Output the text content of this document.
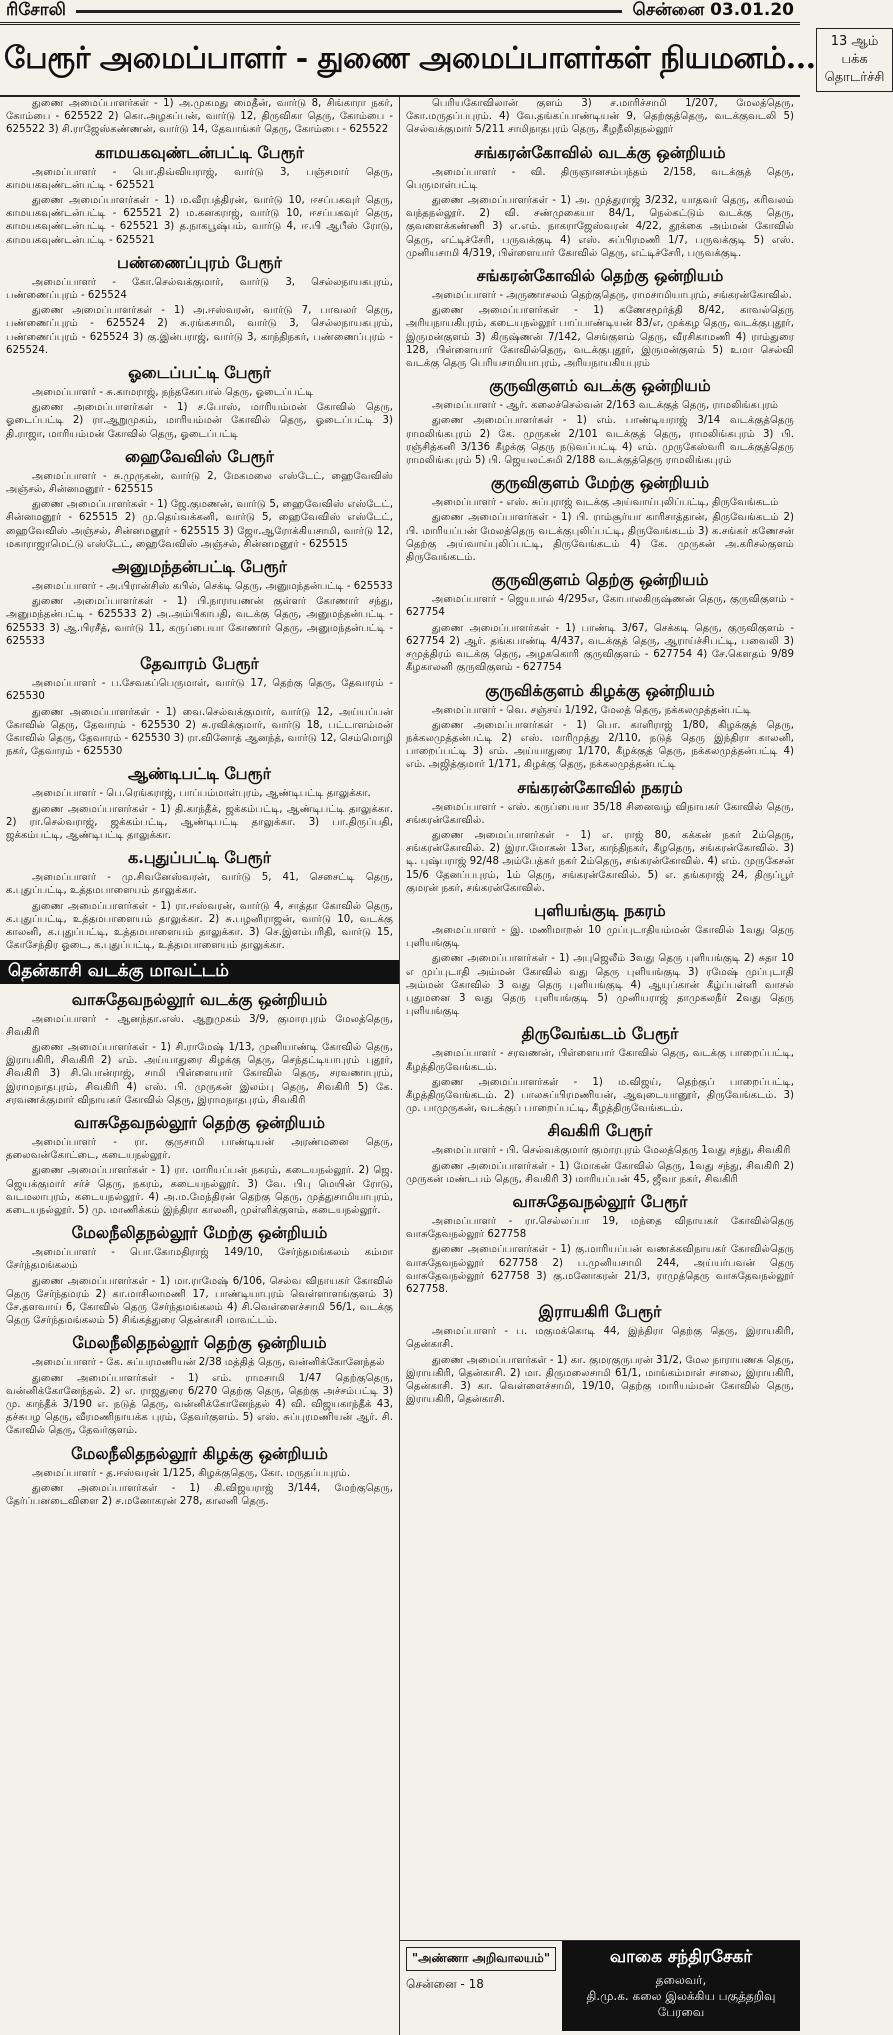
ரிசோலி	சென்னை 03.01.20
பேரூர் அமைப்பாளர் - துணை அமைப்பாளர்கள் நியமனம்...	13 ஆம் பக்க
தொடர்ச்சி

துணை அமைப்பாளர்கள் - 1) அ.முகமது மைதீன், வார்டு 8, சிங்காரா நகர், கோம்பை - 625522 2) கொ.அழகப்பன், வார்டு 12, திருவிகா தெரு, கோம்பை - 625522 3) சி.ராஜேஸ்கண்ணன், வார்டு 14, தேவாங்கர் தெரு, கோம்பை - 625522

காமயகவுண்டன்பட்டி பேரூர்

அமைப்பாளர் - பொ.திவ்வியராஜ், வார்டு 3, பஞ்சமார் தெரு, காமயகவுண்டன்பட்டி - 625521

துணை அமைப்பாளர்கள் - 1) ம.வீரபத்திரன், வார்டு 10, ஈசப்பகவுர் தெரு, காமயகவுண்டன்பட்டி - 625521 2) ம.கனகராஜ், வார்டு 10, ஈசப்பகவுர் தெரு, காமயகவுண்டன்பட்டி - 625521 3) த.நாகபூஷ்பம், வார்டு 4, ஈ.பி ஆபீஸ் ரோடு, காமயகவுண்டன்பட்டி - 625521

பண்ணைப்புரம் பேரூர்

அமைப்பாளர் - கோ.செல்வக்குமார், வார்டு 3, செல்லநாயகபுரம், பண்ணைப்புரம் - 625524

துணை அமைப்பாளர்கள் - 1) அ.ஈஸ்வரன், வார்டு 7, பாவலர் தெரு, பண்ணைப்புரம் - 625524 2) சு.ரங்கசாமி, வார்டு 3, செல்லநாயகபுரம், பண்ணைப்புரம் - 625524 3) கு.இன்பராஜ், வார்டு 3, காந்திநகர், பண்ணைப்புரம் - 625524.

ஓடைப்பட்டி பேரூர்

அமைப்பாளர் - சு.காமராஜ், நந்தகோபால் தெரு, ஓடைப்பட்டி

துணை அமைப்பாளர்கள் - 1) ச.போஸ், மாரியம்மன் கோவில் தெரு, ஓடைப்பட்டி 2) ரா.ஆறுமுகம், மாரியம்மன் கோவில் தெரு, ஓடைப்பட்டி 3) தி.ராஜா, மாரியம்மன் கோவில் தெரு, ஓடைப்பட்டி

ஹைவேவிஸ் பேரூர்

அமைப்பாளர் - சு.முருகன், வார்டு 2, மேகமலை எஸ்டேட், ஹைவேவிஸ் அஞ்சல், சின்னமனூர் - 625515

துணை அமைப்பாளர்கள் - 1) ஜே.குமணன், வார்டு 5, ஹைவேவிஸ் எஸ்டேட், சின்னமனூர் - 625515 2) மு.தெய்வக்கனி, வார்டு 5, ஹைவேவிஸ் எஸ்டேட், ஹைவேவிஸ் அஞ்சல், சின்னமனூர் - 625515 3) ஜோ.ஆரோக்கியசாமி, வார்டு 12, மகாராஜாமெட்டு எஸ்டேட், ஹைவேவிஸ் அஞ்சல், சின்னமனூர் - 625515

அனுமந்தன்பட்டி பேரூர்

அமைப்பாளர் - அ.பிரான்சிஸ் கபில், செக்டி தெரு, அனுமந்தன்பட்டி - 625533

துணை அமைப்பாளர்கள் - 1) பி.நாராயணன் குள்ளர் கோணார் சந்து, அனுமந்தன்பட்டி - 625533 2) அ.அம்பிகாபதி, வடக்கு தெரு, அனுமந்தன்பட்டி - 625533 3) ஆ.பிரசீத், வார்டு 11, கருப்பையா கோணார் தெரு, அனுமந்தன்பட்டி - 625533

தேவாரம் பேரூர்

அமைப்பாளர் - ப.சேவகப்பெருமாள், வார்டு 17, தெற்கு தெரு, தேவாரம் - 625530

துணை அமைப்பாளர்கள் - 1) வை.செல்வக்குமார், வார்டு 12, அய்யப்பன் கோவில் தெரு, தேவாரம் - 625530 2) சு.ரவிக்குமார், வார்டு 18, பட்டாளம்மன் கோவில் தெரு, தேவாரம் - 625530 3) ரா.வினோத் ஆனந்த், வார்டு 12, செம்மொழி நகர், தேவாரம் - 625530

ஆண்டிபட்டி பேரூர்

அமைப்பாளர் - பெ.ரெங்கராஜ், பாப்பம்மாள்புரம், ஆண்டிபட்டி தாலுக்கா.

துணை அமைப்பாளர்கள் - 1) தி.காந்தீக், ஜக்கம்பட்டி, ஆண்டிபட்டி தாலுக்கா. 2) ரா.செல்வராஜ், ஜக்கம்பட்டி, ஆண்டிபட்டி தாலுக்கா. 3) பா.திருப்பதி, ஜக்கம்பட்டி, ஆண்டிபட்டி தாலுக்கா.

க.புதுப்பட்டி பேரூர்

அமைப்பாளர் - மு.சிவனேஸ்வரன், வார்டு 5, 41, செசைட்டி தெரு, க.புதுப்பட்டி, உத்தமபாளையம் தாலுக்கா.

துணை அமைப்பாளர்கள் - 1) ரா.ஈஸ்வரன், வார்டு 4, சாத்தா கோவில் தெரு, க.புதுப்பட்டி, உத்தமபாளையம் தாலுக்கா. 2) சு.பழனிராஜன், வார்டு 10, வடக்கு காலனி, க.புதுப்பட்டி, உத்தமபாளையம் தாலுக்கா. 3) செ.இளம்பரிதி, வார்டு 15, கோசேந்திர ஓடை, க.புதுப்பட்டி, உத்தமபாளையம் தாலுக்கா.

தென்காசி வடக்கு மாவட்டம்
வாசுதேவநல்லூர் வடக்கு ஒன்றியம்

அமைப்பாளர் - ஆனந்தா.எஸ். ஆறுமுகம் 3/9, குமாரபுரம் மேலத்தெரு, சிவகிரி

துணை அமைப்பாளர்கள் - 1) சி.ராமேஷ் 1/13, முனியாண்டி கோவில் தெரு, இராயகிரி, சிவகிரி 2) எம். அய்யாதுரை கிழக்கு தெரு, செந்தட்டியாபுரம் புதூர், சிவகிரி 3) சி.பொன்ராஜ், சாமி பிள்ளையார் கோவில் தெரு, சரவணாபுரம், இராமநாதபுரம், சிவகிரி 4) எஸ். பி. முருகன் இலம்பு தெரு, சிவகிரி 5) கே. சரவணக்குமார் விநாயகர் கோவில் தெரு, இராமநாதபுரம், சிவகிரி

வாசுதேவநல்லூர் தெற்கு ஒன்றியம்

அமைப்பாளர் - ரா. குருசாமி பாண்டியன் அரண்மனை தெரு, தலைவன்கோட்டை, கடையநல்லூர்.

துணை அமைப்பாளர்கள் - 1) ரா. மாரியப்பன் நகரம், கடையநல்லூர். 2) ஜெ. ஜெயக்குமார் சர்ச் தெரு, நகரம், கடையநல்லூர். 3) வே. பிபு மெயின் ரோடு, வடமலாபுரம், கடையநல்லூர். 4) அ.ம.மேந்திரன் தெற்கு தெரு, முத்துசாமியாபுரம், கடையநல்லூர். 5) மு. மாணிக்கம் இந்திரா காலனி, முள்ளிக்குளம், கடையநல்லூர்.

மேலநீலிதநல்லூர் மேற்கு ஒன்றியம்

அமைப்பாளர் - பொ.கோமதிராஜ் 149/10, சேர்ந்தமங்கலம் கம்மா சேர்ந்தமங்கலம்

துணை அமைப்பாளர்கள் - 1) மா.ராமேஷ் 6/106, செல்வ விநாயகர் கோவில் தெரு சேர்ந்தமரம் 2) கா.மாசிலாமணி 17, பாண்டியாபுரம் வெள்ளாளங்குளம் 3) சே.தளவாய் 6, கோவில் தெரு சேர்ந்தமங்கலம் 4) சி.வெள்ளைச்சாமி 56/1, வடக்கு தெரு சேர்ந்தமங்கலம் 5) சிங்கத்துரை தென்காசி மாவட்டம்.

மேலநீலிதநல்லூர் தெற்கு ஒன்றியம்

அமைப்பாளர் - கே. சுப்பரமணியன் 2/38 மத்தித் தெரு, வன்னிக்கோனேந்தல்

துணை அமைப்பாளர்கள் - 1) எம். ராமசாமி 1/47 தெற்குதெரு, வன்னிக்கோனேந்தல். 2) எ. ராஜதுரை 6/270 தெற்கு தெரு, தெற்கு அச்சம்பட்டி 3) மு. காந்தீக் 3/190 எ. நடுத் தெரு, வன்னிக்கோனேந்தல் 4) வி. விஜயகாந்தீக் 43, தச்சுபழ தெரு, வீரமணிநாயக்க புரம், தேவர்குளம். 5) எஸ். சுப்புரமணியன் ஆர். சி. கோவில் தெரு, தேவர்குளம்.

மேலநீலிதநல்லூர் கிழக்கு ஒன்றியம்

அமைப்பாளர் - த.ஈஸ்வரன் 1/125, கிழக்குதெரு, கோ. மருதப்பபுரம்.

துணை அமைப்பாளர்கள் - 1) கி.விஜயராஜ் 3/144, மேற்குதெரு, தேர்ப்பனடைவிளை 2) ச.மனோகரன் 278, காலனி தெரு.

பெரியகோவிலான் குளம் 3) ச.மாரிச்சாமி 1/207, மேலத்தெரு, கோ.மருதப்பபுரம். 4) வே.தங்கப்பாண்டியன் 9, தெற்குத்தெரு, வடக்குவடலி 5) செல்வக்குமார் 5/211 சாமிநாதபுரம் தெரு, கீழநீலிதநல்லூர்

சங்கரன்கோவில் வடக்கு ஒன்றியம்

அமைப்பாளர் - வி. திருஞானசம்பந்தம் 2/158, வடக்குத் தெரு, பெருமாள்பட்டி

துணை அமைப்பாளர்கள் - 1) அ. முத்துராஜ் 3/232, யாதவர் தெரு, கரிவலம் வந்தநல்லூர். 2) வி. சண்முகையா 84/1, நெல்கட்டும் வடக்கு தெரு, குவளைக்கண்ணி 3) எ.எம். நாகராஜேஸ்வரன் 4/22, தூக்கை அம்மன் கோவில் தெரு, எட்டிச்சேரி, பருவக்குடி 4) எஸ். சுப்பிரமணி 1/7, பருவக்குடி 5) எஸ். முனியசாமி 4/319, பிள்ளையார் கோவில் தெரு, எட்டிச்சேரி, பருவக்குடி.

சங்கரன்கோவில் தெற்கு ஒன்றியம்

அமைப்பாளர் - அருணாசலம் தெற்குதெரு, ராமசாமியாபுரம், சங்கரன்கோவில்.

துணை அமைப்பாளர்கள் - 1) கணேசமூர்த்தி 8/42, காவல்தெரு அரியநாயகிபுரம், கடையநல்லூர் பாப்பாண்டியன் 83/எ, முக்கழ தெரு, வடக்குபுதூர், இருமன்குளம் 3) கிருஷ்ணன் 7/142, செங்குளம் தெரு, வீரசிகாமணி 4) ராம்துரை 128, பிள்ளையார் கோவில்தெரு, வடக்குபுதூர், இருமன்குளம் 5) உமா செல்வி வடக்கு தெரு பெரியசாமியாபுரம், அரியநாயகியபுரம்

குருவிகுளம் வடக்கு ஒன்றியம்

அமைப்பாளர் - ஆர். கலைச்செல்வன் 2/163 வடக்குத் தெரு, ராமலிங்கபுரம்

துணை அமைப்பாளர்கள் - 1) எம். பாண்டியராஜ் 3/14 வடக்குத்தெரு ராமலிங்கபுரம் 2) கே. முருகன் 2/101 வடக்குத் தெரு, ராமலிங்கபுரம் 3) பி. ரஞ்சித்கனி 3/136 கீழக்கு தெரு நடுவப்பட்டி 4) எம். முருகேஸ்வரி வடக்குத்தெரு ராமலிங்கபுரம் 5) பி. ஜெயலட்சுமி 2/188 வடக்குத்தெரு ராமலிங்கபுரம்

குருவிகுளம் மேற்கு ஒன்றியம்

அமைப்பாளர் - எஸ். சுப்புராஜ் வடக்கு அய்வாய்புலிப்பட்டி, திருவேங்கடம்

துணை அமைப்பாளர்கள் - 1) பி. ராம்சூர்யா காரிசாத்தான், திருவேங்கடம் 2) பி. மாரியப்பன் மேலத்தெரு வடக்குபுலிப்பட்டி, திருவேங்கடம் 3) க.சங்கர் கணேசன் தெற்கு அய்வாய்புலிப்பட்டி, திருவேங்கடம் 4) கே. முருகன் அ.கரிசல்குளம் திருவேங்கடம்.

குருவிகுளம் தெற்கு ஒன்றியம்

அமைப்பாளர் - ஜெயபால் 4/295எ, கோபாலகிருஷ்ணன் தெரு, குருவிகுளம் - 627754

துணை அமைப்பாளர்கள் - 1) பாண்டி 3/67, செக்கடி தெரு, குருவிகுளம் - 627754 2) ஆர். தங்கபாண்டி 4/437, வடக்குத் தெரு, ஆராய்ச்சிபட்டி, பவைலி 3) சமுத்திரம் வடக்கு தெரு, அழககொரி குருவிகுளம் - 627754 4) சே.கௌதம் 9/89 கீழகாலனி குருவிகுளம் - 627754

குருவிக்குளம் கிழக்கு ஒன்றியம்

அமைப்பாளர் - வெ. சஞ்சய் 1/192, மேலத் தெரு, நக்கலமுத்தன்பட்டி

துணை அமைப்பாளர்கள் - 1) பொ. காளிராஜ் 1/80, கிழக்குத் தெரு, நக்கலமுத்தன்பட்டி 2) எஸ். மாரிமுத்து 2/110, நடுத் தெரு இந்திரா காலனி, பாறைப்பட்டி 3) எம். அய்யாதுரை 1/170, கீழக்குத் தெரு, நக்கலமுத்தன்பட்டி 4) எம். அஜித்குமார் 1/171, கிழக்கு தெரு, நக்கலமுத்தன்பட்டி

சங்கரன்கோவில் நகரம்

அமைப்பாளர் - எஸ். கருப்பையா 35/18 சினைவழ் விநாயகர் கோவில் தெரு, சங்கரன்கோவில்.

துணை அமைப்பாளர்கள் - 1) எ. ராஜ் 80, கக்கன் நகர் 2ம்தெரு, சங்கரன்கோவில். 2) இரா.மோகன் 13எ, காந்திநகர், கீழதெரு, சங்கரன்கோவில். 3) டி. புஷ்பராஜ் 92/48 அம்பேத்கர் நகர் 2ம்தெரு, சங்கரன்கோவில். 4) எம். முருகேசன் 15/6 தேனப்பபுரம், 1ம் தெரு, சங்கரன்கோவில். 5) எ. தங்கராஜ் 24, திருப்பூர் குமரன் நகர், சங்கரன்கோவில்.

புளியங்குடி நகரம்

அமைப்பாளர் - இ. மணிமாறன் 10 முப்புடாதியம்மன் கோவில் 1வது தெரு புளியங்குடி

துணை அமைப்பாளர்கள் - 1) அபுஜெலீம் 3வது தெரு புளியங்குடி 2) சுதா 10 எ முப்புடாதி அம்மன் கோவில் வது தெரு புளியங்குடி 3) ரமேஷ் முப்புடாதி அம்மன் கோவில் 3 வது தெரு புளியங்குடி 4) ஆயுப்கான் கீழ்ப்பள்ளி வாசல் புதுமனை 3 வது தெரு புளியங்குடி 5) முனியராஜ் தாமுகலநீர் 2வது தெரு புளியங்குடி

திருவேங்கடம் பேரூர்

அமைப்பாளர் - சரவணன், பிள்ளையார் கோவில் தெரு, வடக்கு பாறைப்பட்டி, கீழத்திருவேங்கடம்.

துணை அமைப்பாளர்கள் - 1) ம.விஜய், தெற்குப் பாறைப்பட்டி, கீழத்திருவேங்கடம். 2) பாலசுப்பிரமணியன், ஆவுடையானூர், திருவேங்கடம். 3) மு. பாமுருகன், வடக்குப் பாறைப்பட்டி, கீழத்திருவேங்கடம்.

சிவகிரி பேரூர்

அமைப்பாளர் - பி. செல்வக்குமார் குமாரபுரம் மேலத்தெரு 1வது சந்து, சிவகிரி

துணை அமைப்பாளர்கள் - 1) மோகன் கோவில் தெரு, 1வது சந்து, சிவகிரி 2) முருகன் மண்டபம் தெரு, சிவகிரி 3) மாரியப்பன் 45, ஜீவா நகர், சிவகிரி

வாசுதேவநல்லூர் பேரூர்

அமைப்பாளர் - ரா.செல்லப்பா 19, மந்தை விநாயகர் கோவில்தெரு வாசுதேவநல்லூர் 627758

துணை அமைப்பாளர்கள் - 1) கு.மாரியப்பன் வணக்கவிநாயகர் கோவில்தெரு வாசுதேவநல்லூர் 627758 2) ப.முனியசாமி 244, அய்யர்பவன் தெரு வாசுதேவநல்லூர் 627758 3) கு.மனோகரன் 21/3, ராமுத்தெரு வாசுதேவநல்லூர் 627758.

இராயகிரி பேரூர்

அமைப்பாளர் - ப. மகுமக்கொடி 44, இந்திரா தெற்கு தெரு, இராயகிரி, தென்காசி.

துணை அமைப்பாளர்கள் - 1) கா. குமரகுருபரன் 31/2, மேல நாராயணசு தெரு, இராயகிரி, தென்காசி. 2) மா. திருமலைசாமி 61/1, மாங்கம்மாள் சாலை, இராயகிரி, தென்காசி. 3) கா. வெள்ளைச்சாமி, 19/10, தெற்கு மாரியம்மன் கோவில் தெரு, இராயகிரி, தென்காசி.

"அண்ணா அறிவாலயம்"
சென்னை - 18
வாகை சந்திரசேகர்
தலைவர்,
தி.மு.க. கலை இலக்கிய பகுத்தறிவு பேரவை
